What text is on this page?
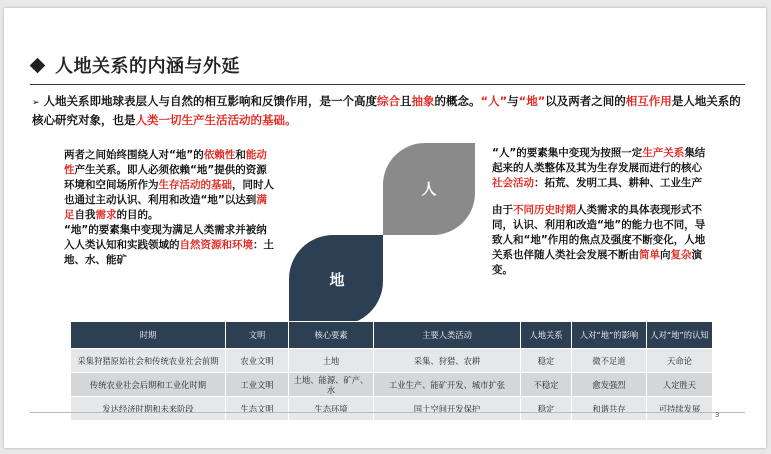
人地关系的内涵与外延
➢ 人地关系即地球表层人与自然的相互影响和反馈作用，是一个高度综合且抽象的概念。“人”与“地”以及两者之间的相互作用是人地关系的核心研究对象，也是人类一切生产生活活动的基础。

两者之间始终围绕人对“地”的依赖性和能动性产生关系。即人必须依赖“地”提供的资源环境和空间场所作为生存活动的基础，同时人也通过主动认识、利用和改造“地”以达到满足自我需求的目的。

“地”的要素集中变现为满足人类需求并被纳入人类认知和实践领域的自然资源和环境：土地、水、能矿

人
地

“人”的要素集中变现为按照一定生产关系集结起来的人类整体及其为生存发展而进行的核心社会活动：拓荒、发明工具、耕种、工业生产

由于不同历史时期人类需求的具体表现形式不同，认识、利用和改造“地”的能力也不同，导致人和“地”作用的焦点及强度不断变化，人地关系也伴随人类社会发展不断由简单向复杂演变。

时期	文明	核心要素	主要人类活动	人地关系	人对“地”的影响	人对“地”的认知
采集狩猎原始社会和传统农业社会前期	农业文明	土地	采集、狩猎、农耕	稳定	微不足道	天命论
传统农业社会后期和工业化时期	工业文明	土地、能源、矿产、水	工业生产、能矿开发、城市扩张	不稳定	愈发强烈	人定胜天
发达经济时期和未来阶段	生态文明	生态环境	国土空间开发保护	稳定	和谐共存	可持续发展
3
